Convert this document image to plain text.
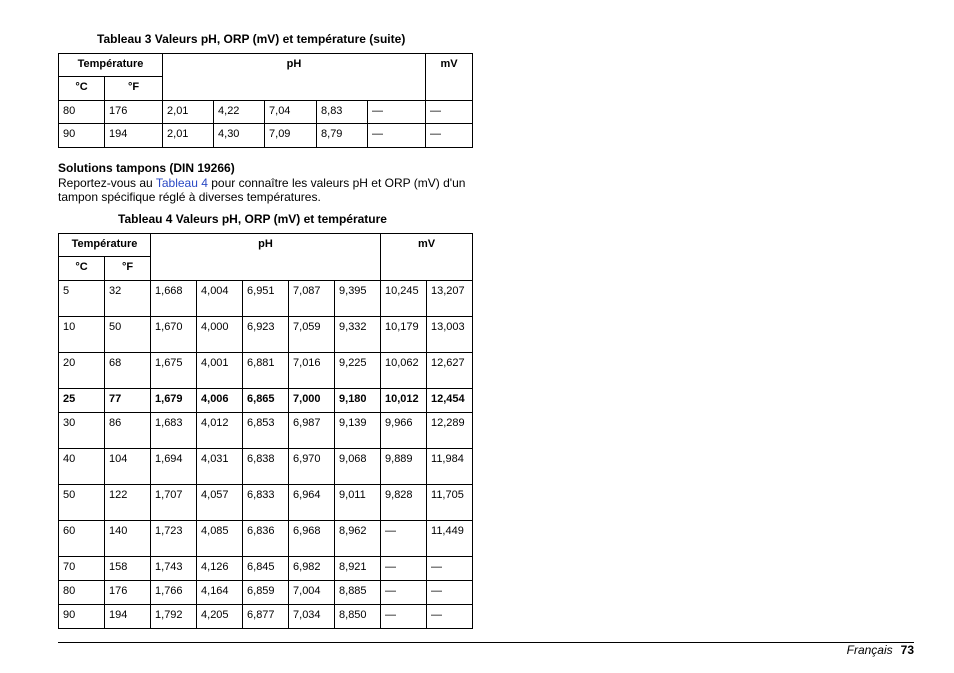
Tableau 3 Valeurs pH, ORP (mV) et température (suite)
Température		pH					mV
°C	°F						
80	176	2,01	4,22	7,04	8,83	—	—
90	194	2,01	4,30	7,09	8,79	—	—
Solutions tampons (DIN 19266)
Reportez-vous au Tableau 4 pour connaître les valeurs pH et ORP (mV) d'un tampon spécifique réglé à diverses températures.
Tableau 4 Valeurs pH, ORP (mV) et température
Température		pH					mV	
°C	°F							
5	32	1,668	4,004	6,951	7,087	9,395	10,245	13,207
10	50	1,670	4,000	6,923	7,059	9,332	10,179	13,003
20	68	1,675	4,001	6,881	7,016	9,225	10,062	12,627
25	77	1,679	4,006	6,865	7,000	9,180	10,012	12,454
30	86	1,683	4,012	6,853	6,987	9,139	9,966	12,289
40	104	1,694	4,031	6,838	6,970	9,068	9,889	11,984
50	122	1,707	4,057	6,833	6,964	9,011	9,828	11,705
60	140	1,723	4,085	6,836	6,968	8,962	—	11,449
70	158	1,743	4,126	6,845	6,982	8,921	—	—
80	176	1,766	4,164	6,859	7,004	8,885	—	—
90	194	1,792	4,205	6,877	7,034	8,850	—	—
Français 73
